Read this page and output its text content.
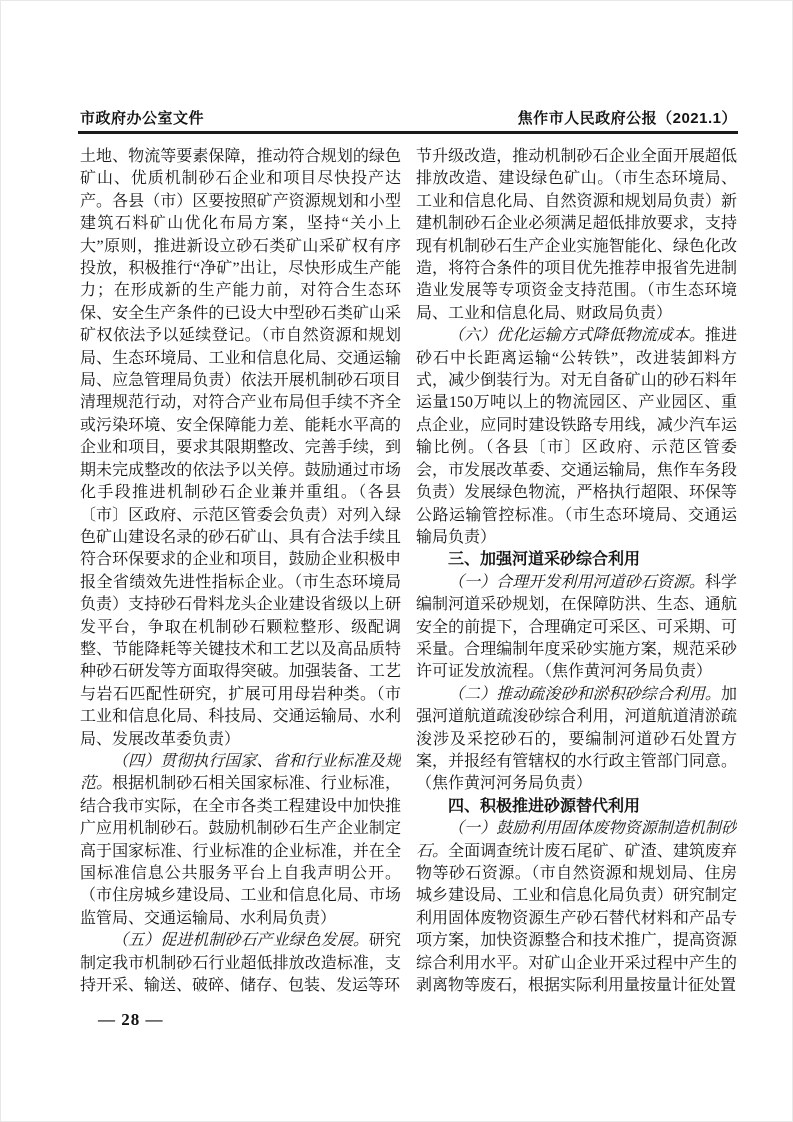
市政府办公室文件	焦作市人民政府公报（2021.1）

土地、物流等要素保障，推动符合规划的绿色矿山、优质机制砂石企业和项目尽快投产达产。各县（市）区要按照矿产资源规划和小型建筑石料矿山优化布局方案，坚持“关小上大”原则，推进新设立砂石类矿山采矿权有序投放，积极推行“净矿”出让，尽快形成生产能力；在形成新的生产能力前，对符合生态环保、安全生产条件的已设大中型砂石类矿山采矿权依法予以延续登记。（市自然资源和规划局、生态环境局、工业和信息化局、交通运输局、应急管理局负责）依法开展机制砂石项目清理规范行动，对符合产业布局但手续不齐全或污染环境、安全保障能力差、能耗水平高的企业和项目，要求其限期整改、完善手续，到期未完成整改的依法予以关停。鼓励通过市场化手段推进机制砂石企业兼并重组。（各县〔市〕区政府、示范区管委会负责）对列入绿色矿山建设名录的砂石矿山、具有合法手续且符合环保要求的企业和项目，鼓励企业积极申报全省绩效先进性指标企业。（市生态环境局负责）支持砂石骨料龙头企业建设省级以上研发平台，争取在机制砂石颗粒整形、级配调整、节能降耗等关键技术和工艺以及高品质特种砂石研发等方面取得突破。加强装备、工艺与岩石匹配性研究，扩展可用母岩种类。（市工业和信息化局、科技局、交通运输局、水利局、发展改革委负责）

（四）贯彻执行国家、省和行业标准及规范。根据机制砂石相关国家标准、行业标准，结合我市实际，在全市各类工程建设中加快推广应用机制砂石。鼓励机制砂石生产企业制定高于国家标准、行业标准的企业标准，并在全国标准信息公共服务平台上自我声明公开。（市住房城乡建设局、工业和信息化局、市场监管局、交通运输局、水利局负责）

（五）促进机制砂石产业绿色发展。研究制定我市机制砂石行业超低排放改造标准，支持开采、输送、破碎、储存、包装、发运等环

节升级改造，推动机制砂石企业全面开展超低排放改造、建设绿色矿山。（市生态环境局、工业和信息化局、自然资源和规划局负责）新建机制砂石企业必须满足超低排放要求，支持现有机制砂石生产企业实施智能化、绿色化改造，将符合条件的项目优先推荐申报省先进制造业发展等专项资金支持范围。（市生态环境局、工业和信息化局、财政局负责）

（六）优化运输方式降低物流成本。推进砂石中长距离运输“公转铁”，改进装卸料方式，减少倒装行为。对无自备矿山的砂石料年运量150万吨以上的物流园区、产业园区、重点企业，应同时建设铁路专用线，减少汽车运输比例。（各县〔市〕区政府、示范区管委会，市发展改革委、交通运输局，焦作车务段负责）发展绿色物流，严格执行超限、环保等公路运输管控标准。（市生态环境局、交通运输局负责）

三、加强河道采砂综合利用

（一）合理开发利用河道砂石资源。科学编制河道采砂规划，在保障防洪、生态、通航安全的前提下，合理确定可采区、可采期、可采量。合理编制年度采砂实施方案，规范采砂许可证发放流程。（焦作黄河河务局负责）

（二）推动疏浚砂和淤积砂综合利用。加强河道航道疏浚砂综合利用，河道航道清淤疏浚涉及采挖砂石的，要编制河道砂石处置方案，并报经有管辖权的水行政主管部门同意。（焦作黄河河务局负责）

四、积极推进砂源替代利用

（一）鼓励利用固体废物资源制造机制砂石。全面调查统计废石尾矿、矿渣、建筑废弃物等砂石资源。（市自然资源和规划局、住房城乡建设局、工业和信息化局负责）研究制定利用固体废物资源生产砂石替代材料和产品专项方案，加快资源整合和技术推广，提高资源综合利用水平。对矿山企业开采过程中产生的剥离物等废石，根据实际利用量按量计征处置

— 28 —
